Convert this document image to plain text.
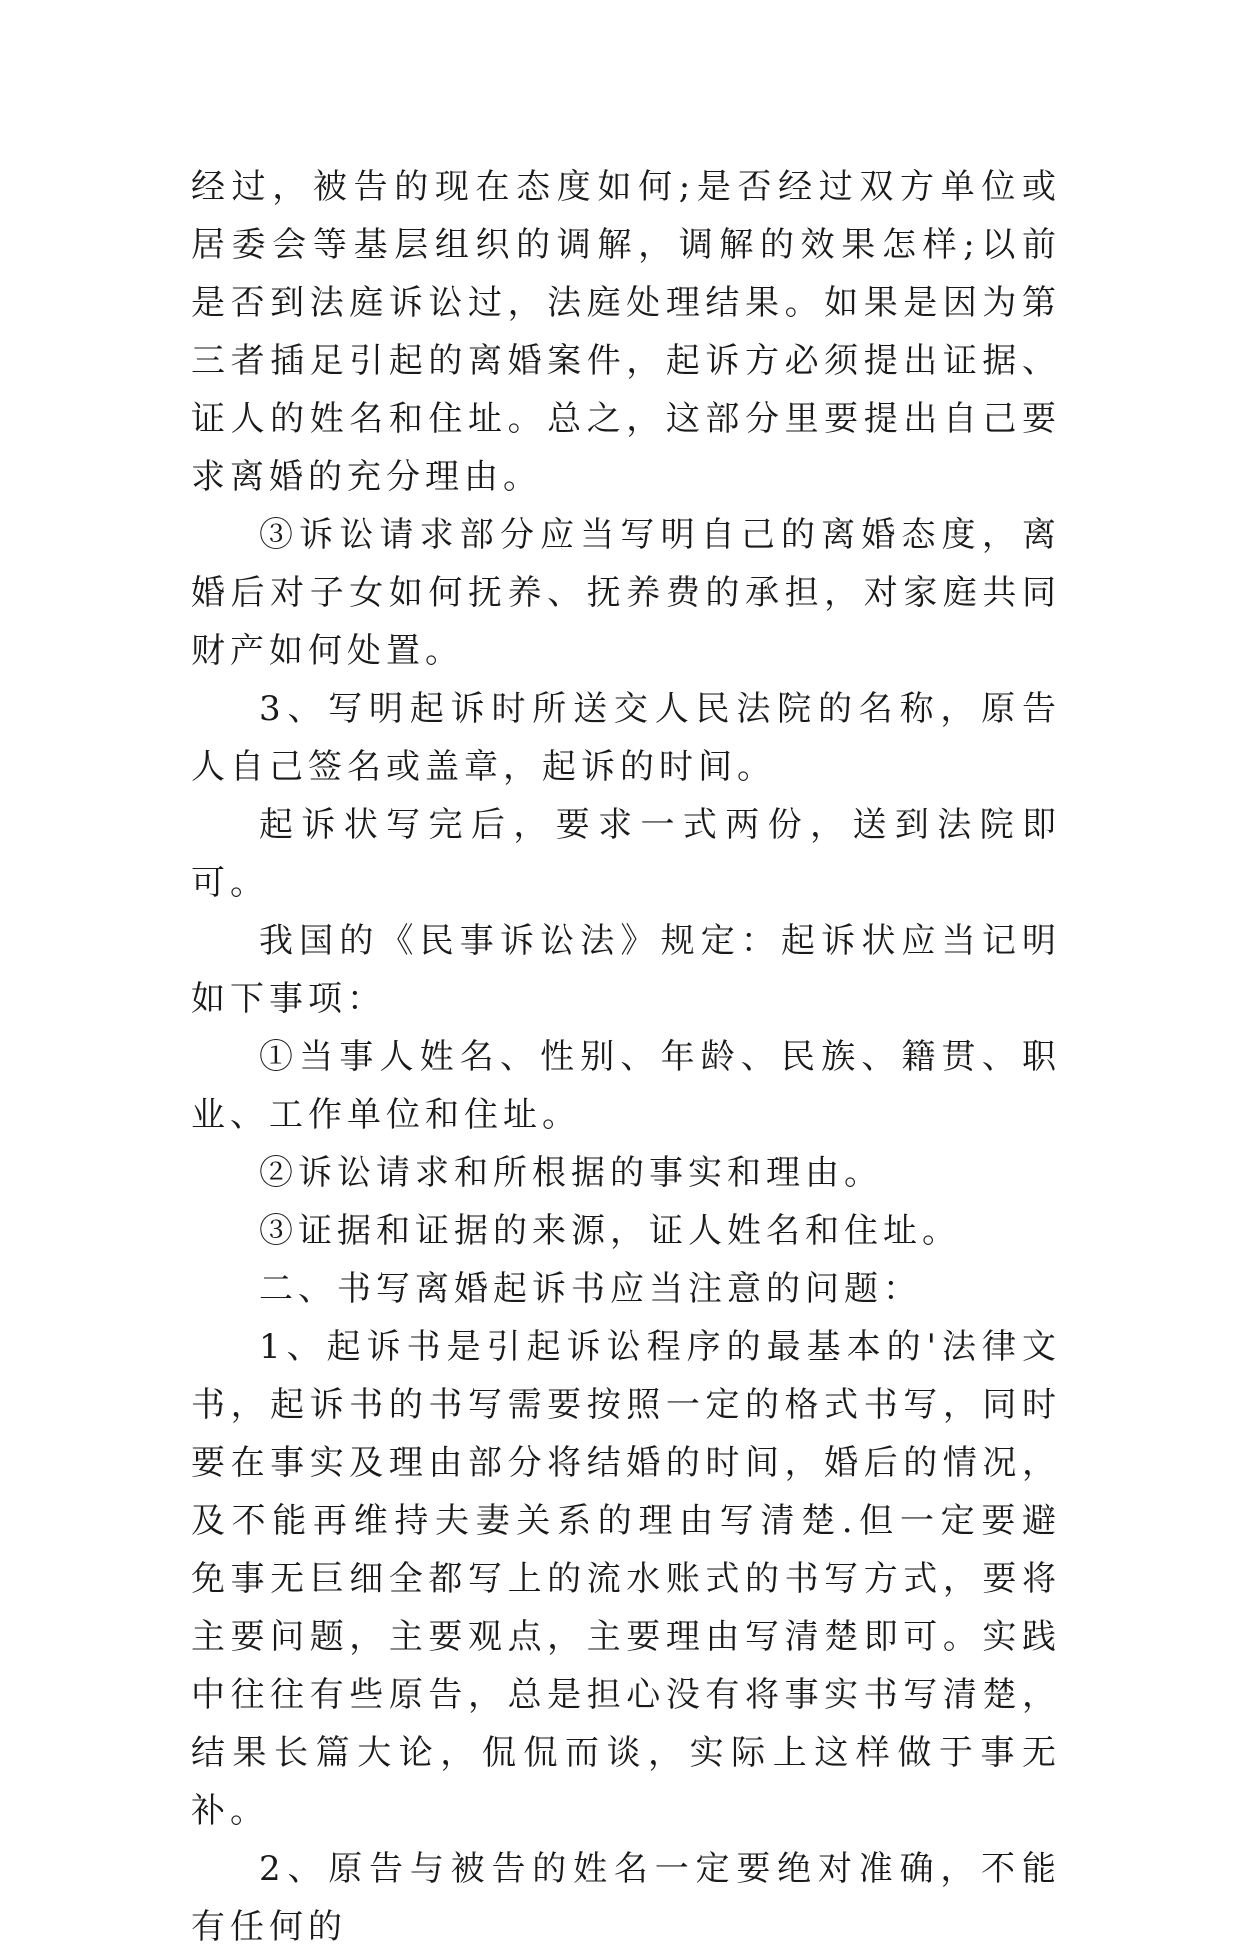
经过，被告的现在态度如何;是否经过双方单位或居委会等基层组织的调解，调解的效果怎样;以前是否到法庭诉讼过，法庭处理结果。如果是因为第三者插足引起的离婚案件，起诉方必须提出证据、证人的姓名和住址。总之，这部分里要提出自己要求离婚的充分理由。

③诉讼请求部分应当写明自己的离婚态度，离婚后对子女如何抚养、抚养费的承担，对家庭共同财产如何处置。

3、写明起诉时所送交人民法院的名称，原告人自己签名或盖章，起诉的时间。

起诉状写完后，要求一式两份，送到法院即可。

我国的《民事诉讼法》规定：起诉状应当记明如下事项：

①当事人姓名、性别、年龄、民族、籍贯、职业、工作单位和住址。

②诉讼请求和所根据的事实和理由。

③证据和证据的来源，证人姓名和住址。

二、书写离婚起诉书应当注意的问题：

1、起诉书是引起诉讼程序的最基本的'法律文书，起诉书的书写需要按照一定的格式书写，同时要在事实及理由部分将结婚的时间，婚后的情况，及不能再维持夫妻关系的理由写清楚.但一定要避免事无巨细全都写上的流水账式的书写方式，要将主要问题，主要观点，主要理由写清楚即可。实践中往往有些原告，总是担心没有将事实书写清楚，结果长篇大论，侃侃而谈，实际上这样做于事无补。

2、原告与被告的姓名一定要绝对准确，不能有任何的
